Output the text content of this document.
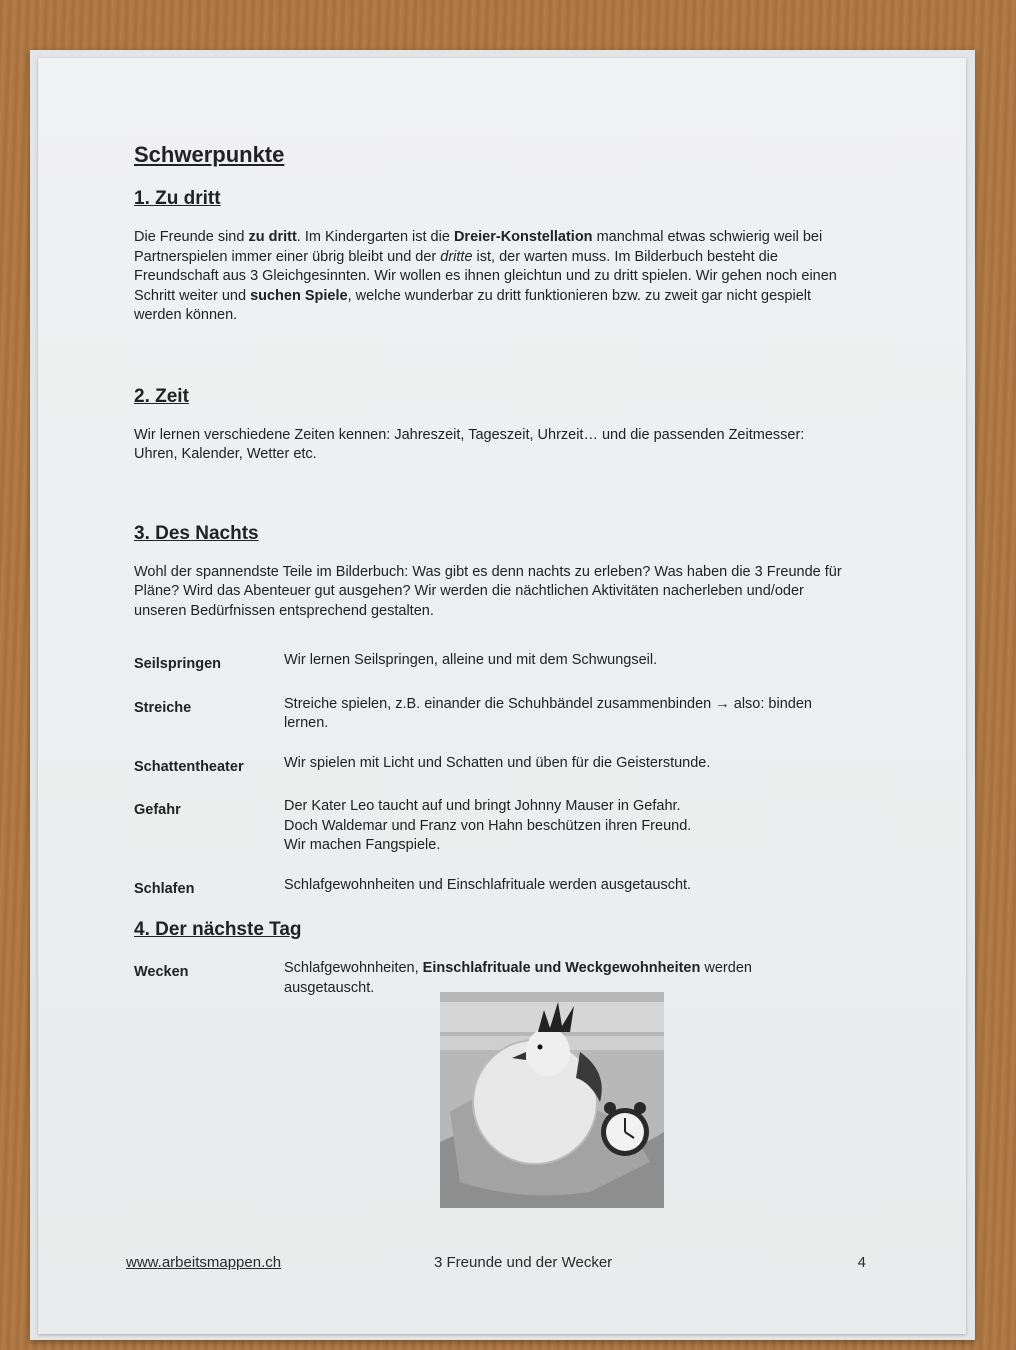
Schwerpunkte
1. Zu dritt

Die Freunde sind zu dritt. Im Kindergarten ist die Dreier-Konstellation manchmal etwas schwierig weil bei Partnerspielen immer einer übrig bleibt und der dritte ist, der warten muss. Im Bilderbuch besteht die Freundschaft aus 3 Gleichgesinnten. Wir wollen es ihnen gleichtun und zu dritt spielen. Wir gehen noch einen Schritt weiter und suchen Spiele, welche wunderbar zu dritt funktionieren bzw. zu zweit gar nicht gespielt werden können.

2. Zeit

Wir lernen verschiedene Zeiten kennen: Jahreszeit, Tageszeit, Uhrzeit… und die passenden Zeitmesser: Uhren, Kalender, Wetter etc.

3. Des Nachts

Wohl der spannendste Teile im Bilderbuch: Was gibt es denn nachts zu erleben? Was haben die 3 Freunde für Pläne? Wird das Abenteuer gut ausgehen? Wir werden die nächtlichen Aktivitäten nacherleben und/oder unseren Bedürfnissen entsprechend gestalten.

Seilspringen	Wir lernen Seilspringen, alleine und mit dem Schwungseil.
Streiche	Streiche spielen, z.B. einander die Schuhbändel zusammenbinden → also: binden lernen.
Schattentheater	Wir spielen mit Licht und Schatten und üben für die Geisterstunde.
Gefahr	Der Kater Leo taucht auf und bringt Johnny Mauser in Gefahr.
Doch Waldemar und Franz von Hahn beschützen ihren Freund.
Wir machen Fangspiele.
Schlafen	Schlafgewohnheiten und Einschlafrituale werden ausgetauscht.
4. Der nächste Tag
Wecken	Schlafgewohnheiten, Einschlafrituale und Weckgewohnheiten werden ausgetauscht.
www.arbeitsmappen.ch	3 Freunde und der Wecker	4
